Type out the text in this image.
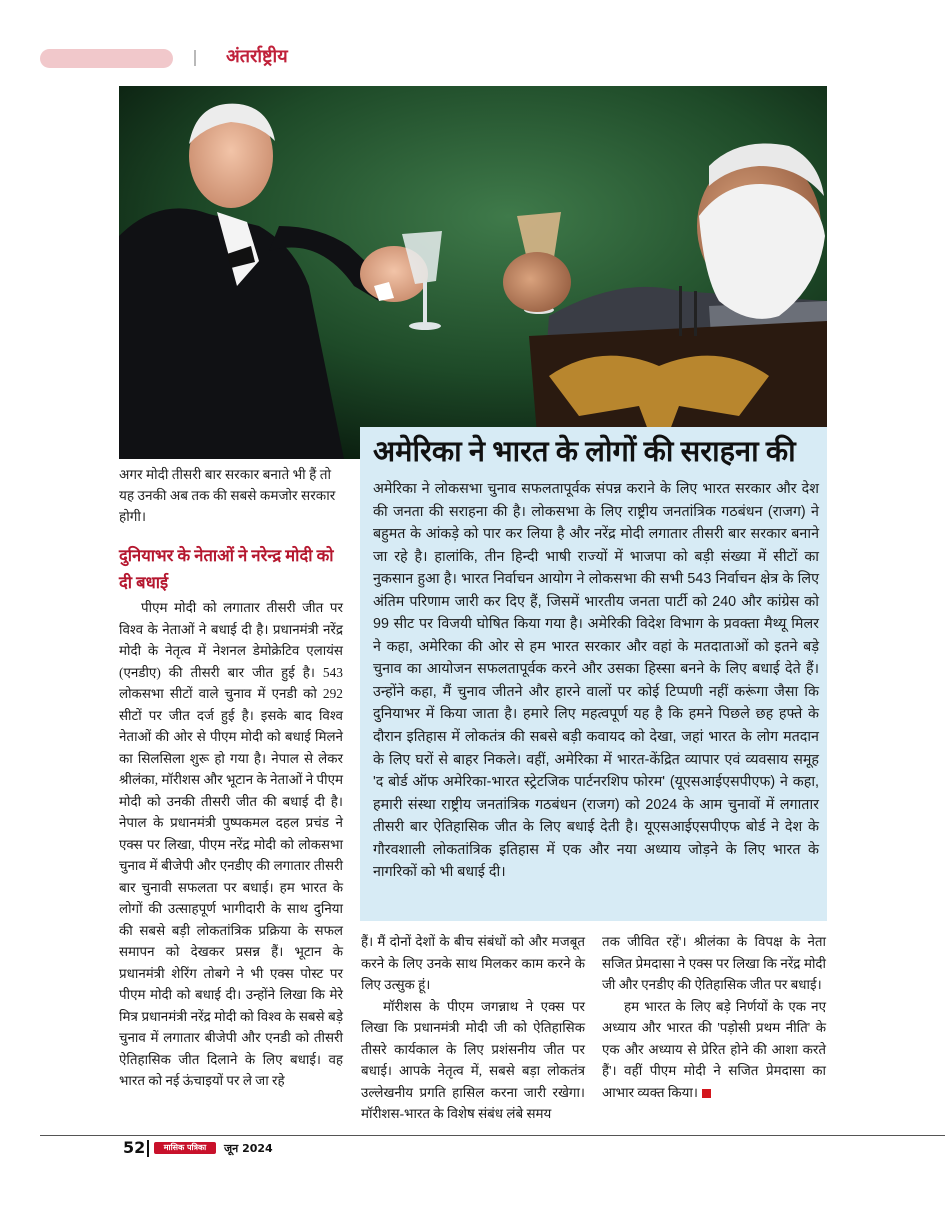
अंतर्राष्ट्रीय
अगर मोदी तीसरी बार सरकार बनाते भी हैं तो यह उनकी अब तक की सबसे कमजोर सरकार होगी।
अमेरिका ने भारत के लोगों की सराहना की
अमेरिका ने लोकसभा चुनाव सफलतापूर्वक संपन्न कराने के लिए भारत सरकार और देश की जनता की सराहना की है। लोकसभा के लिए राष्ट्रीय जनतांत्रिक गठबंधन (राजग) ने बहुमत के आंकड़े को पार कर लिया है और नरेंद्र मोदी लगातार तीसरी बार सरकार बनाने जा रहे है। हालांकि, तीन हिन्दी भाषी राज्यों में भाजपा को बड़ी संख्या में सीटों का नुकसान हुआ है। भारत निर्वाचन आयोग ने लोकसभा की सभी 543 निर्वाचन क्षेत्र के लिए अंतिम परिणाम जारी कर दिए हैं, जिसमें भारतीय जनता पार्टी को 240 और कांग्रेस को 99 सीट पर विजयी घोषित किया गया है। अमेरिकी विदेश विभाग के प्रवक्ता मैथ्यू मिलर ने कहा, अमेरिका की ओर से हम भारत सरकार और वहां के मतदाताओं को इतने बड़े चुनाव का आयोजन सफलतापूर्वक करने और उसका हिस्सा बनने के लिए बधाई देते हैं। उन्होंने कहा, मैं चुनाव जीतने और हारने वालों पर कोई टिप्पणी नहीं करूंगा जैसा कि दुनियाभर में किया जाता है। हमारे लिए महत्वपूर्ण यह है कि हमने पिछले छह हफ्ते के दौरान इतिहास में लोकतंत्र की सबसे बड़ी कवायद को देखा, जहां भारत के लोग मतदान के लिए घरों से बाहर निकले। वहीं, अमेरिका में भारत-केंद्रित व्यापार एवं व्यवसाय समूह 'द बोर्ड ऑफ अमेरिका-भारत स्ट्रेटजिक पार्टनरशिप फोरम' (यूएसआईएसपीएफ) ने कहा, हमारी संस्था राष्ट्रीय जनतांत्रिक गठबंधन (राजग) को 2024 के आम चुनावों में लगातार तीसरी बार ऐतिहासिक जीत के लिए बधाई देती है। यूएसआईएसपीएफ बोर्ड ने देश के गौरवशाली लोकतांत्रिक इतिहास में एक और नया अध्याय जोड़ने के लिए भारत के नागरिकों को भी बधाई दी।
दुनियाभर के नेताओं ने नरेन्द्र मोदी को दी बधाई

पीएम मोदी को लगातार तीसरी जीत पर विश्व के नेताओं ने बधाई दी है। प्रधानमंत्री नरेंद्र मोदी के नेतृत्व में नेशनल डेमोक्रेटिव एलायंस (एनडीए) की तीसरी बार जीत हुई है। 543 लोकसभा सीटों वाले चुनाव में एनडी को 292 सीटों पर जीत दर्ज हुई है। इसके बाद विश्व नेताओं की ओर से पीएम मोदी को बधाई मिलने का सिलसिला शुरू हो गया है। नेपाल से लेकर श्रीलंका, मॉरीशस और भूटान के नेताओं ने पीएम मोदी को उनकी तीसरी जीत की बधाई दी है। नेपाल के प्रधानमंत्री पुष्पकमल दहल प्रचंड ने एक्स पर लिखा, पीएम नरेंद्र मोदी को लोकसभा चुनाव में बीजेपी और एनडीए की लगातार तीसरी बार चुनावी सफलता पर बधाई। हम भारत के लोगों की उत्साहपूर्ण भागीदारी के साथ दुनिया की सबसे बड़ी लोकतांत्रिक प्रक्रिया के सफल समापन को देखकर प्रसन्न हैं। भूटान के प्रधानमंत्री शेरिंग तोबगे ने भी एक्स पोस्ट पर पीएम मोदी को बधाई दी। उन्होंने लिखा कि मेरे मित्र प्रधानमंत्री नरेंद्र मोदी को विश्व के सबसे बड़े चुनाव में लगातार बीजेपी और एनडी को तीसरी ऐतिहासिक जीत दिलाने के लिए बधाई। वह भारत को नई ऊंचाइयों पर ले जा रहे

हैं। मैं दोनों देशों के बीच संबंधों को और मजबूत करने के लिए उनके साथ मिलकर काम करने के लिए उत्सुक हूं।

मॉरीशस के पीएम जगन्नाथ ने एक्स पर लिखा कि प्रधानमंत्री मोदी जी को ऐतिहासिक तीसरे कार्यकाल के लिए प्रशंसनीय जीत पर बधाई। आपके नेतृत्व में, सबसे बड़ा लोकतंत्र उल्लेखनीय प्रगति हासिल करना जारी रखेगा। मॉरीशस-भारत के विशेष संबंध लंबे समय

तक जीवित रहें'। श्रीलंका के विपक्ष के नेता सजित प्रेमदासा ने एक्स पर लिखा कि नरेंद्र मोदी जी और एनडीए की ऐतिहासिक जीत पर बधाई।

हम भारत के लिए बड़े निर्णयों के एक नए अध्याय और भारत की 'पड़ोसी प्रथम नीति' के एक और अध्याय से प्रेरित होने की आशा करते हैं'। वहीं पीएम मोदी ने सजित प्रेमदासा का आभार व्यक्त किया।

52	मासिक पत्रिका	जून 2024
